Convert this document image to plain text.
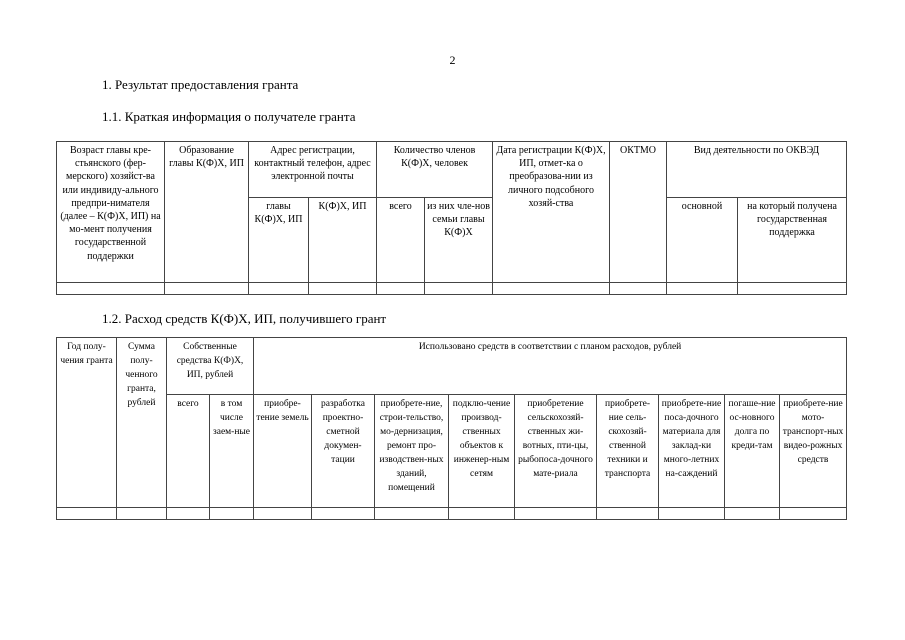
2
1. Результат предоставления гранта
1.1. Краткая информация о получателе гранта
Возраст главы кре-стьянского (фер-мерского) хозяйст-ва или индивиду-ального предпри-нимателя (далее – К(Ф)Х, ИП) на мо-мент получения государственной поддержки	Образование главы К(Ф)Х, ИП	Адрес регистрации, контактный телефон, адрес электронной почты		Количество членов К(Ф)Х, человек		Дата регистрации К(Ф)Х, ИП, отмет-ка о преобразова-нии из личного подсобного хозяй-ства	ОКТМО	Вид деятельности по ОКВЭД	
		главы К(Ф)Х, ИП	К(Ф)Х, ИП	всего	из них чле-нов семьи главы К(Ф)Х			основной	на который получена государственная поддержка

1.2. Расход средств К(Ф)Х, ИП, получившего грант
Год полу-чения гранта	Сумма полу-ченного гранта, рублей	Собственные средства К(Ф)Х, ИП, рублей		Использовано средств в соответствии с планом расходов, рублей								
		всего	в том числе заем-ные	приобре-тение земель	разработка проектно-сметной докумен-тации	приобрете-ние, строи-тельство, мо-дернизация, ремонт про-изводствен-ных зданий, помещений	подклю-чение производ-ственных объектов к инженер-ным сетям	приобретение сельскохозяй-ственных жи-вотных, пти-цы, рыбопоса-дочного мате-риала	приобрете-ние сель-скохозяй-ственной техники и транспорта	приобрете-ние поса-дочного материала для заклад-ки много-летних на-саждений	погаше-ние ос-новного долга по креди-там	приобрете-ние мото-транспорт-ных видео-рожных средств
